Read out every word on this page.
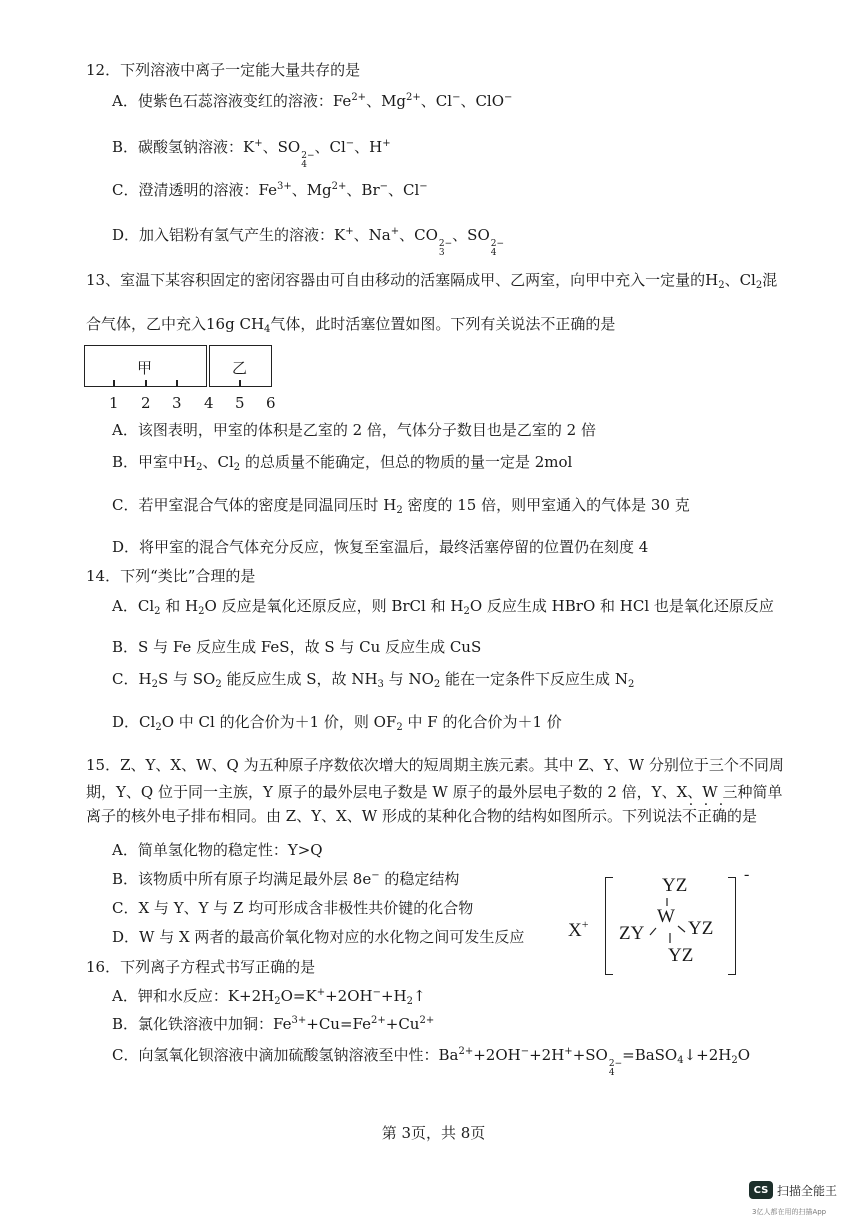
12．下列溶液中离子一定能大量共存的是
A．使紫色石蕊溶液变红的溶液：$Fe^{2+}$、$Mg^{2+}$、Cl−、ClO−
B．碳酸氢钠溶液：K+、SO 2−
4
、Cl−、H+
C．澄清透明的溶液：$Fe^{3+}$、$Mg^{2+}$、Br−、Cl−
D．加入铝粉有氢气产生的溶液：K+、Na+、CO 2−
3
、SO 2−
4
13、室温下某容积固定的密闭容器由可自由移动的活塞隔成甲、乙两室，向甲中充入一定量的$H_2$、$Cl_2$混
合气体，乙中充入16g $CH_4$气体，此时活塞位置如图。下列有关说法不正确的是
甲	乙
1 2 3 4 5 6
A．该图表明，甲室的体积是乙室的 2 倍，气体分子数目也是乙室的 2 倍
B．甲室中$H_2$、$Cl_2$ 的总质量不能确定，但总的物质的量一定是 2mol
C．若甲室混合气体的密度是同温同压时 $H_2$ 密度的 15 倍，则甲室通入的气体是 30 克
D．将甲室的混合气体充分反应，恢复至室温后，最终活塞停留的位置仍在刻度 4
14．下列“类比”合理的是
A．$Cl_2$ 和 $H_2O$ 反应是氧化还原反应，则 BrCl 和 $H_2O$ 反应生成 HBrO 和 HCl 也是氧化还原反应
B．S 与 Fe 反应生成 FeS，故 S 与 Cu 反应生成 CuS
C．$H_2S$ 与 $SO_2$ 能反应生成 S，故 $NH_3$ 与 $NO_2$ 能在一定条件下反应生成 $N_2$
D．$Cl_2O$ 中 Cl 的化合价为＋1 价，则 $OF_2$ 中 F 的化合价为＋1 价
15．Z、Y、X、W、Q 为五种原子序数依次增大的短周期主族元素。其中 Z、Y、W 分别位于三个不同周
期，Y、Q 位于同一主族，Y 原子的最外层电子数是 W 原子的最外层电子数的 2 倍，Y、X、W 三种简单
离子的核外电子排布相同。由 Z、Y、X、W 形成的某种化合物的结构如图所示。下列说法不正确的是
A．简单氢化物的稳定性：Y>Q
B．该物质中所有原子均满足最外层 8e− 的稳定结构
C．X 与 Y、Y 与 Z 均可形成含非极性共价键的化合物
D．W 与 X 两者的最高价氧化物对应的水化物之间可发生反应 X+
-
YZ
ZY
W
YZ
YZ
16．下列离子方程式书写正确的是
A．钾和水反应：$K+2H_2O=K^++2OH^-+H_2↑$
B．氯化铁溶液中加铜：$Fe^{3+}+Cu=Fe^{2+}+Cu^{2+}$
C．向氢氧化钡溶液中滴加硫酸氢钠溶液至中性：$Ba^{2+}+2OH^-+2H^++SO$ 2−
4
$=BaSO_4↓+2H_2O$
第 3页，共 8页
CS 扫描全能王
3亿人都在用的扫描App
